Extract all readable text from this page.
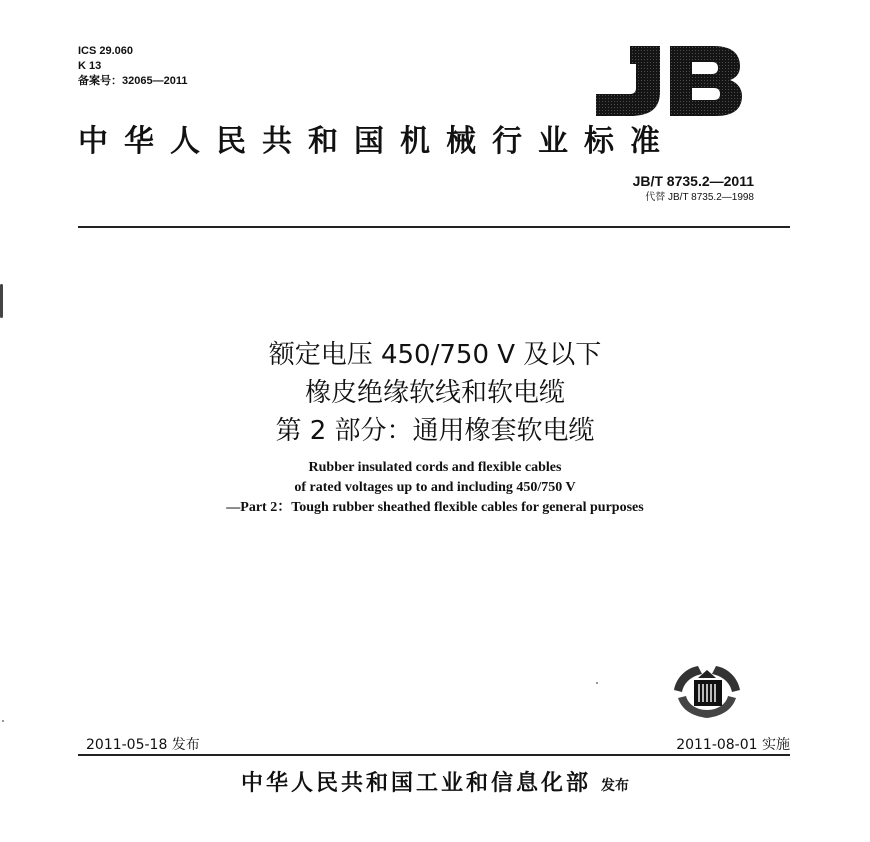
ICS 29.060
K 13
备案号：32065—2011
中华人民共和国机械行业标准
JB/T 8735.2—2011
代替 JB/T 8735.2—1998
额定电压 450/750 V 及以下
橡皮绝缘软线和软电缆
第 2 部分：通用橡套软电缆
Rubber insulated cords and flexible cables
of rated voltages up to and including 450/750 V
—Part 2：Tough rubber sheathed flexible cables for general purposes
2011-05-18 发布	2011-08-01 实施
中华人民共和国工业和信息化部 发布
